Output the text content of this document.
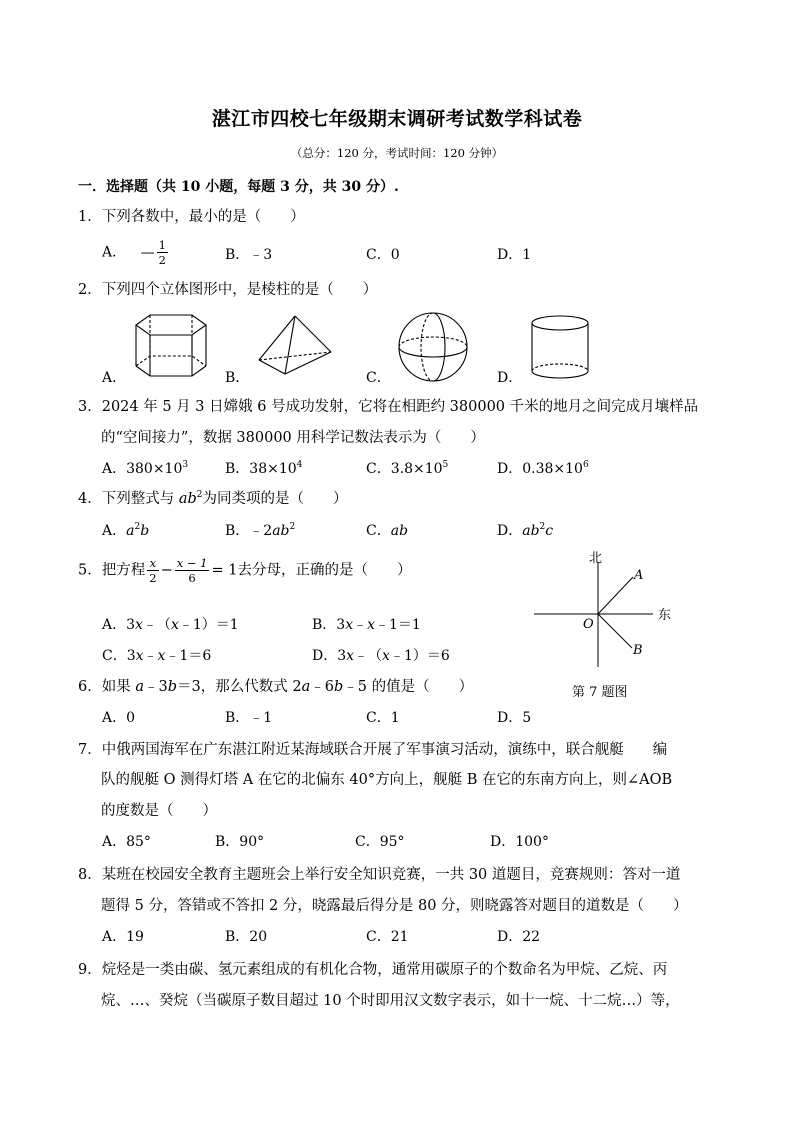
湛江市四校七年级期末调研考试数学科试卷
（总分：120 分，考试时间：120 分钟）
一．选择题（共 10 小题，每题 3 分，共 30 分）.
1．下列各数中，最小的是（　　）
A． — $\frac{1}{2}$	B．﹣3	C．0	D．1
2．下列四个立体图形中，是棱柱的是（　　）
A．	B．	C．	D．
3．2024 年 5 月 3 日嫦娥 6 号成功发射，它将在相距约 380000 千米的地月之间完成月壤样品
的“空间接力”，数据 380000 用科学记数法表示为（　　）
A．$380\times 10^3$	B．$38\times 10^4$	C．$3.8\times 10^5$	D．$0.38\times 10^6$
4．下列整式与 $ab^2$为同类项的是（　　）
A．$a^2b$	B．$﹣2ab^2$	C．ab	D．$ab^2c$
5．把方程 $\frac{x}{2} - \frac{x - 1}{6} = 1$去分母，正确的是（　　）
A．3x﹣（x﹣1）＝1	B．3x﹣x﹣1＝1
C．3x﹣x﹣1＝6	D．3x﹣（x﹣1）＝6
北
东
A
B
O
第 7 题图
6．如果 a﹣3b＝3，那么代数式 2a﹣6b﹣5 的值是（　　）
A．0	B．﹣1	C．1	D．5
7．中俄两国海军在广东湛江附近某海域联合开展了军事演习活动，演练中，联合舰艇　　编
队的舰艇 O 测得灯塔 A 在它的北偏东 40°方向上，舰艇 B 在它的东南方向上，则∠AOB
的度数是（　　）
A．85°	B．90°	C．95°	D．100°
8．某班在校园安全教育主题班会上举行安全知识竞赛，一共 30 道题目，竞赛规则：答对一道
题得 5 分，答错或不答扣 2 分，晓露最后得分是 80 分，则晓露答对题目的道数是（　　）
A．19	B．20	C．21	D．22
9．烷烃是一类由碳、氢元素组成的有机化合物，通常用碳原子的个数命名为甲烷、乙烷、丙
烷、…、癸烷（当碳原子数目超过 10 个时即用汉文数字表示，如十一烷、十二烷…）等，
